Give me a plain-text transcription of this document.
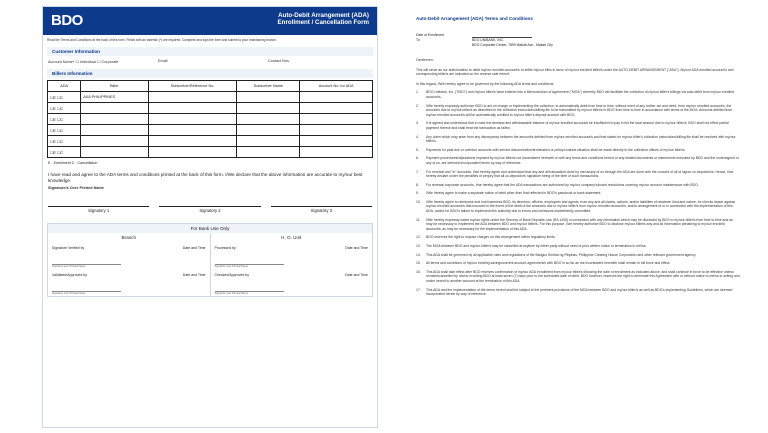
BDO	Auto-Debit Arrangement (ADA)
Enrollment / Cancellation Form
Read the Terms and Conditions at the back of this form. Fields with an asterisk (*) are required. Complete and sign the form and submit to your maintaining branch.
Customer Information
Account Name* ☐ Individual ☐ Corporate	Email	Contact Nos.
Billers Information
ADA	Biller	Subscriber/Reference No.	Subscriber Name	Account No. for ADA
☐E ☐C	AXA PHILIPPINES			
☐E ☐C				
☐E ☐C				
☐E ☐C				
☐E ☐C				
☐E ☐C				
E - Enrollment C - Cancellation
I have read and agree to the ADA terms and conditions printed at the back of this form. I/We declare that the above information are accurate to my/our best knowledge.
Signature/s Over Printed Name
Signatory 1	Signatory 2	Signatory 3
For Bank Use Only
Branch
Signature Verified by	Date and Time
Signature over Printed Name
Validated/Approved by	Date and Time
Signature over Printed Name
H. O. Unit
Processed by	Date and Time
Signature over Printed Name
Checked/Approved by	Date and Time
Signature over Printed Name
Auto-Debit Arrangement (ADA) Terms and Conditions
Date of Enrollment
To	BDO UNIBANK, INC.
BDO Corporate Center, 7899 Makati Ave., Makati City
Gentlemen:
This will serve as our authorization to debit my/our enrolled account/s to settle my/our bill/s in favor of my/our enrolled biller/s under the AUTO-DEBIT ARRANGEMENT ("ADA"). My/our ADA enrolled account/s and corresponding biller/s are indicated on the reverse side hereof.
In this regard, I/We hereby agree to be governed by the following ADA terms and conditions:
1.	BDO Unibank, Inc. ("BDO") and my/our biller/s have entered into a Memorandum of Agreement ("MOA") whereby BDO will facilitate the collection of my/our biller's billings via auto-debit from my/our enrolled account/s.
2.	I/We hereby expressly authorize BDO to act on charge or implementing the collection, to automatically debit from time to time, without need of any further act and deed, from my/our enrolled account/s, the amount/s due to my/our biller/s as described in the collection instructions/billing file to be transmitted by my/our biller/s to BDO from time to time in accordance with terms of the MOA. Amounts debited from my/our enrolled account/s will be automatically credited to my/our biller's deposit account with BDO.
3.	It is agreed and understood that in case the demand and withdrawable balance of my/our enrolled account/s be insufficient to pay in full the total amount due to my/our biller/s, BDO shall not effect partial payment thereof and shall treat the transaction as failed.
4.	Any claim which may arise from any discrepancy between the amount/s debited from my/our enrolled account/s and that stated on my/our biller's collection instructions/billing file shall be resolved with my/our biller/s.
5.	Payments for past due or overdue accounts with service disconnection/termination or policy/contract situation shall be made directly to the collection offices of my/our biller/s.
6.	Payment procedures/stipulations imposed by my/our biller/s not inconsistent herewith or with any terms and conditions hereof or any related documents or instruments executed by BDO and the undersigned or any of us, are deemed incorporated herein by way of reference.
7.	For renewal and "in" accounts, I/we hereby agree and understand that any and all transaction done by me/us/any of us through the ADA are done with the consent of all of signor co-depositor/s. Hence, I/we hereby declare under the penalties of perjury that all co-depositors' signature being of the time of such transactions.
8.	For renewal corporate accounts, I/we hereby agree that the ADA transactions are authorized by my/our company's/board resolutions covering my/our account maintenance with BDO.
9.	I/We hereby agree to make a separate notice of debit other than that reflected in BDO's passbook or bank statement.
10.	I/We hereby agree to reimburse and hold harmless BDO, its directors, officers, employees and agents, from any and all claims, actions, and/or liabilities of whatever kind and nature, for checks drawn against my/our enrolled account/s that bounced in the event of the debit of the amount/s due to my/our biller/s from my/our enrolled account/s, and/or arrangement of or in connection with the implementation of this ADA, and/or for BDO's failure to implement this authority due to errors and omissions inadvertently committed.
11.	I/We hereby expressly waive my/our rights under the Secrecy of Bank Deposits Law (RA 1405) in connection with any information which may be disclosed by BDO to my/our biller/s from time to time and as may be necessary to implement the ADA between BDO and my/our biller/s. For this purpose, I/we hereby authorize BDO to disclose my/our biller/s any and all information pertaining to my/our enrolled account/s, as may be necessary for the implementation of this ADA.
12.	BDO reserves the right to impose charges on this arrangement within regulatory limits.
13.	The MOA between BDO and my/our biller/s may be cancelled at anytime by either party without need of prior written notice or termination to me/us.
14.	This ADA shall be governed by all applicable rules and regulations of the Bangko Sentral ng Pilipinas, Philippine Clearing House Corporation and other relevant government agency.
15.	All terms and conditions of my/our existing savings/current account agreement/s with BDO in so far as not inconsistent herewith shall remain in full force and effect.
16.	This ADA shall take effect after BDO receives confirmation of my/our ADA enrollment from my/our biller/s following the date of enrollment as indicated above, and shall continue in force to be effective unless revoked/cancelled by me/us in writing BDO at least seven (7) days prior to the scheduled date of debit. BDO however, reserves the right to terminate this Agreement with or without notice to me/us in writing and notice hereof to another account at the termination of this ADA.
17.	This ADA and the implementation of the terms hereof shall be subject to the pertinent provisions of the MOA between BDO and my/our biller/s as well as BDO's implementing Guidelines, which are deemed incorporated herein by way of reference.
